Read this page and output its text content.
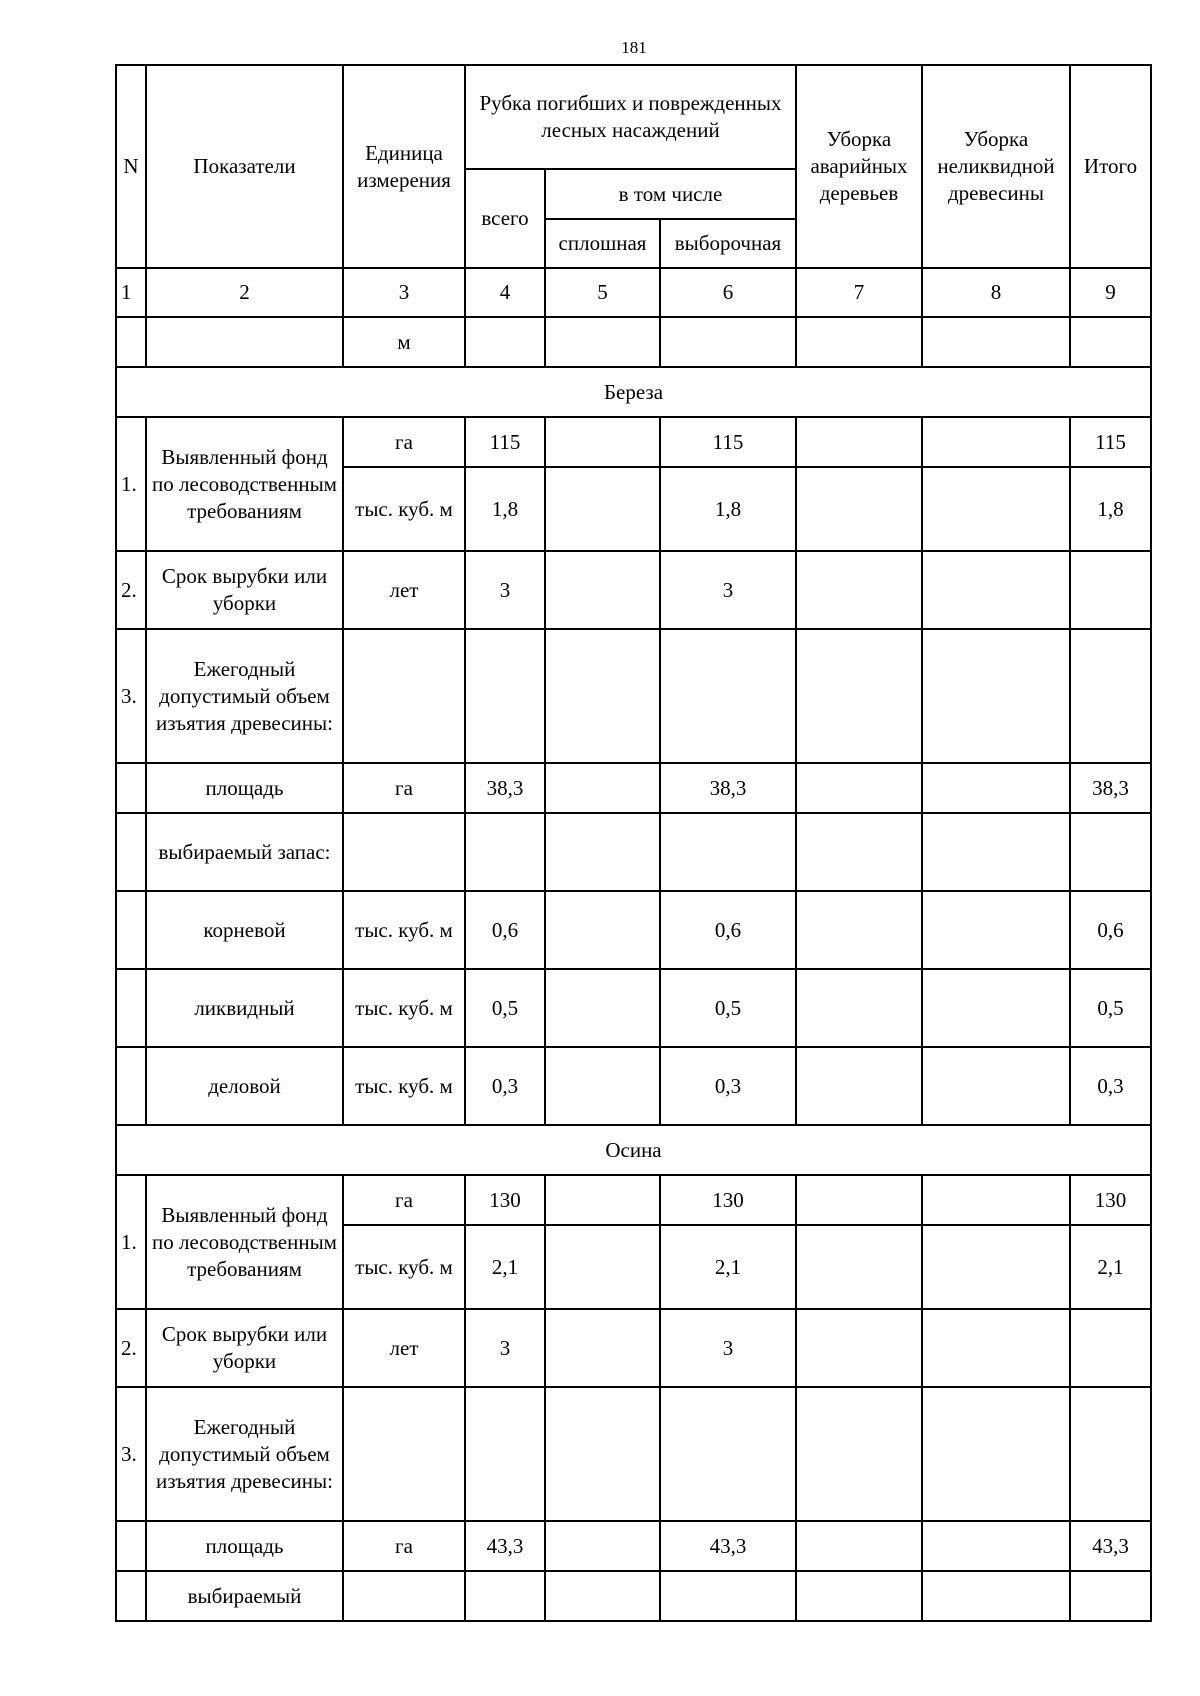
181
N	Показатели	Единица измерения	Рубка погибших и поврежденных лесных насаждений			Уборка аварийных деревьев	Уборка неликвидной древесины	Итого
			всего	в том числе				
				сплошная	выборочная			
1	2	3	4	5	6	7	8	9
		м						
Береза								
1.	Выявленный фонд по лесоводственным требованиям	га	115		115			115
		тыс. куб. м	1,8		1,8			1,8
2.	Срок вырубки или уборки	лет	3		3			
3.	Ежегодный допустимый объем изъятия древесины:							
	площадь	га	38,3		38,3			38,3
	выбираемый запас:							
	корневой	тыс. куб. м	0,6		0,6			0,6
	ликвидный	тыс. куб. м	0,5		0,5			0,5
	деловой	тыс. куб. м	0,3		0,3			0,3
Осина								
1.	Выявленный фонд по лесоводственным требованиям	га	130		130			130
		тыс. куб. м	2,1		2,1			2,1
2.	Срок вырубки или уборки	лет	3		3			
3.	Ежегодный допустимый объем изъятия древесины:							
	площадь	га	43,3		43,3			43,3
	выбираемый							
